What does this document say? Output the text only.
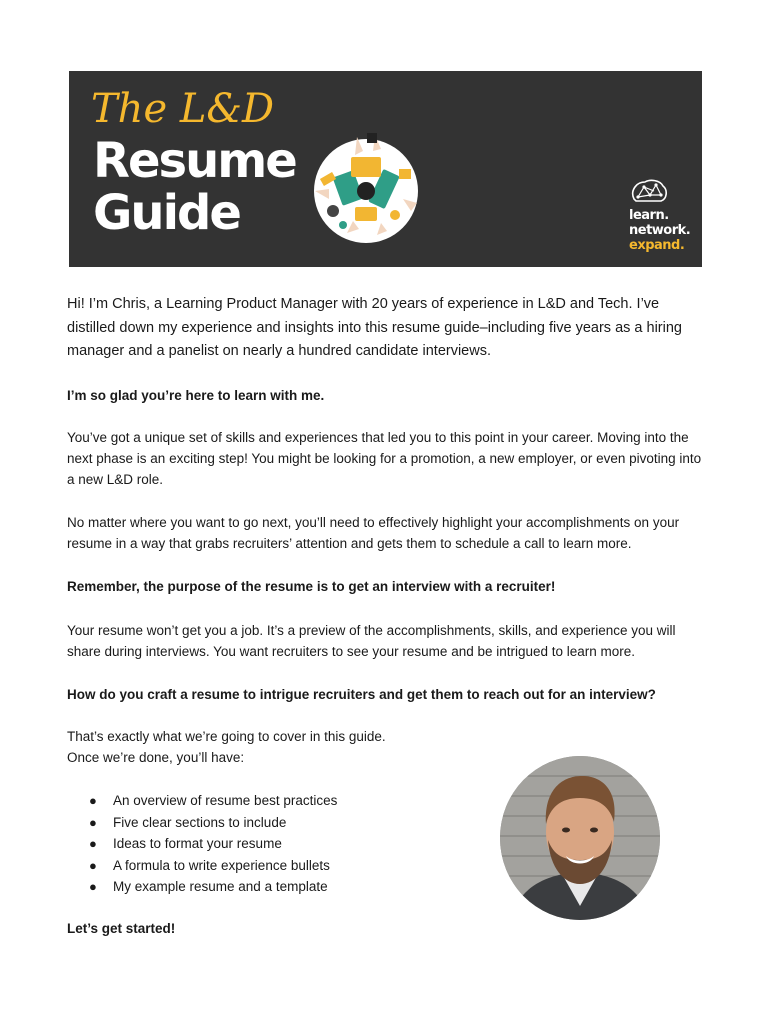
The L&D
Resume
Guide	learn.
network.
expand.

Hi! I’m Chris, a Learning Product Manager with 20 years of experience in L&D and Tech. I’ve distilled down my experience and insights into this resume guide–including five years as a hiring manager and a panelist on nearly a hundred candidate interviews.

I’m so glad you’re here to learn with me.

You’ve got a unique set of skills and experiences that led you to this point in your career. Moving into the next phase is an exciting step! You might be looking for a promotion, a new employer, or even pivoting into a new L&D role.

No matter where you want to go next, you’ll need to effectively highlight your accomplishments on your resume in a way that grabs recruiters’ attention and gets them to schedule a call to learn more.

Remember, the purpose of the resume is to get an interview with a recruiter!

Your resume won’t get you a job. It’s a preview of the accomplishments, skills, and experience you will share during interviews. You want recruiters to see your resume and be intrigued to learn more.

How do you craft a resume to intrigue recruiters and get them to reach out for an interview?

That’s exactly what we’re going to cover in this guide.

Once we’re done, you’ll have:

● An overview of resume best practices
● Five clear sections to include
● Ideas to format your resume
● A formula to write experience bullets
● My example resume and a template

Let’s get started!
